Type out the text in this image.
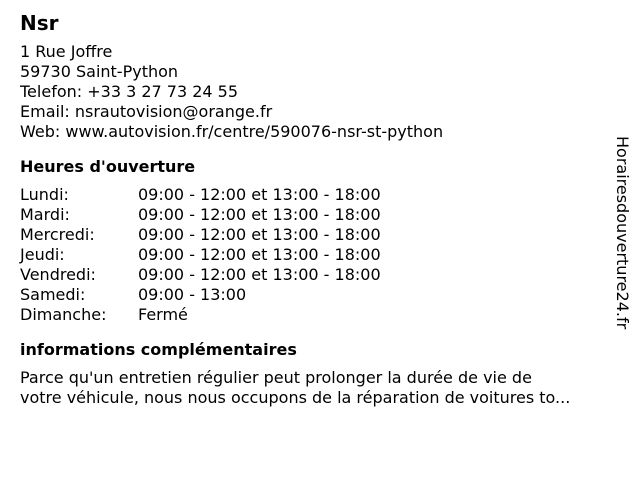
Nsr
1 Rue Joffre
59730 Saint-Python
Telefon: +33 3 27 73 24 55
Email: nsrautovision@orange.fr
Web: www.autovision.fr/centre/590076-nsr-st-python
Heures d'ouverture
Lundi:	09:00 - 12:00 et 13:00 - 18:00
Mardi:	09:00 - 12:00 et 13:00 - 18:00
Mercredi:	09:00 - 12:00 et 13:00 - 18:00
Jeudi:	09:00 - 12:00 et 13:00 - 18:00
Vendredi:	09:00 - 12:00 et 13:00 - 18:00
Samedi:	09:00 - 13:00
Dimanche:	Fermé
informations complémentaires
Parce qu'un entretien régulier peut prolonger la durée de vie de
votre véhicule, nous nous occupons de la réparation de voitures to...
Horairesdouverture24.fr
